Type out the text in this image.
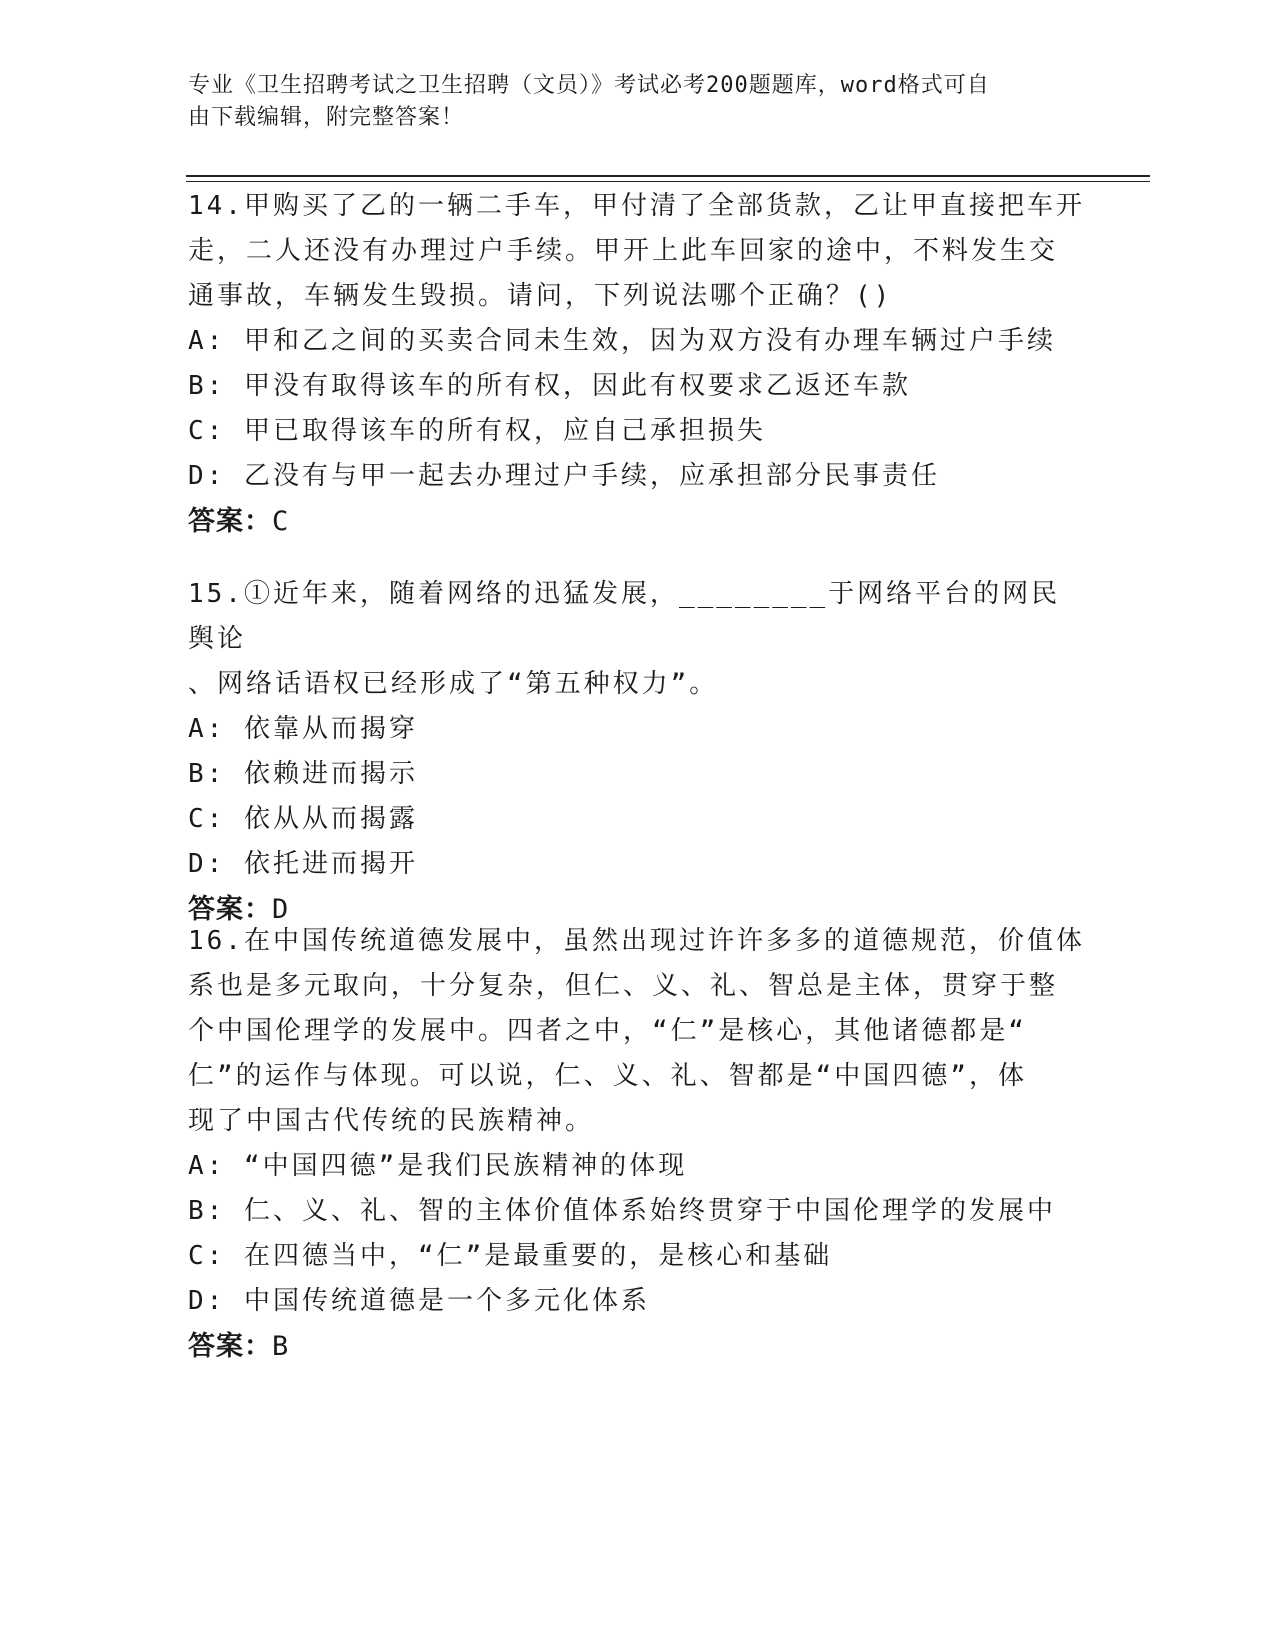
专业《卫生招聘考试之卫生招聘（文员）》考试必考200题题库，word格式可自
由下载编辑，附完整答案！

14.甲购买了乙的一辆二手车，甲付清了全部货款，乙让甲直接把车开

走，二人还没有办理过户手续。甲开上此车回家的途中，不料发生交

通事故，车辆发生毁损。请问，下列说法哪个正确？()

A: 甲和乙之间的买卖合同未生效，因为双方没有办理车辆过户手续

B: 甲没有取得该车的所有权，因此有权要求乙返还车款

C: 甲已取得该车的所有权，应自己承担损失

D: 乙没有与甲一起去办理过户手续，应承担部分民事责任

答案：C

15.①近年来，随着网络的迅猛发展，________于网络平台的网民舆论

、网络话语权已经形成了“第五种权力”。

A: 依靠从而揭穿

B: 依赖进而揭示

C: 依从从而揭露

D: 依托进而揭开

答案：D

16.在中国传统道德发展中，虽然出现过许许多多的道德规范，价值体

系也是多元取向，十分复杂，但仁、义、礼、智总是主体，贯穿于整

个中国伦理学的发展中。四者之中，“仁”是核心，其他诸德都是“

仁”的运作与体现。可以说，仁、义、礼、智都是“中国四德”，体

现了中国古代传统的民族精神。

A: “中国四德”是我们民族精神的体现

B: 仁、义、礼、智的主体价值体系始终贯穿于中国伦理学的发展中

C: 在四德当中，“仁”是最重要的，是核心和基础

D: 中国传统道德是一个多元化体系

答案：B
